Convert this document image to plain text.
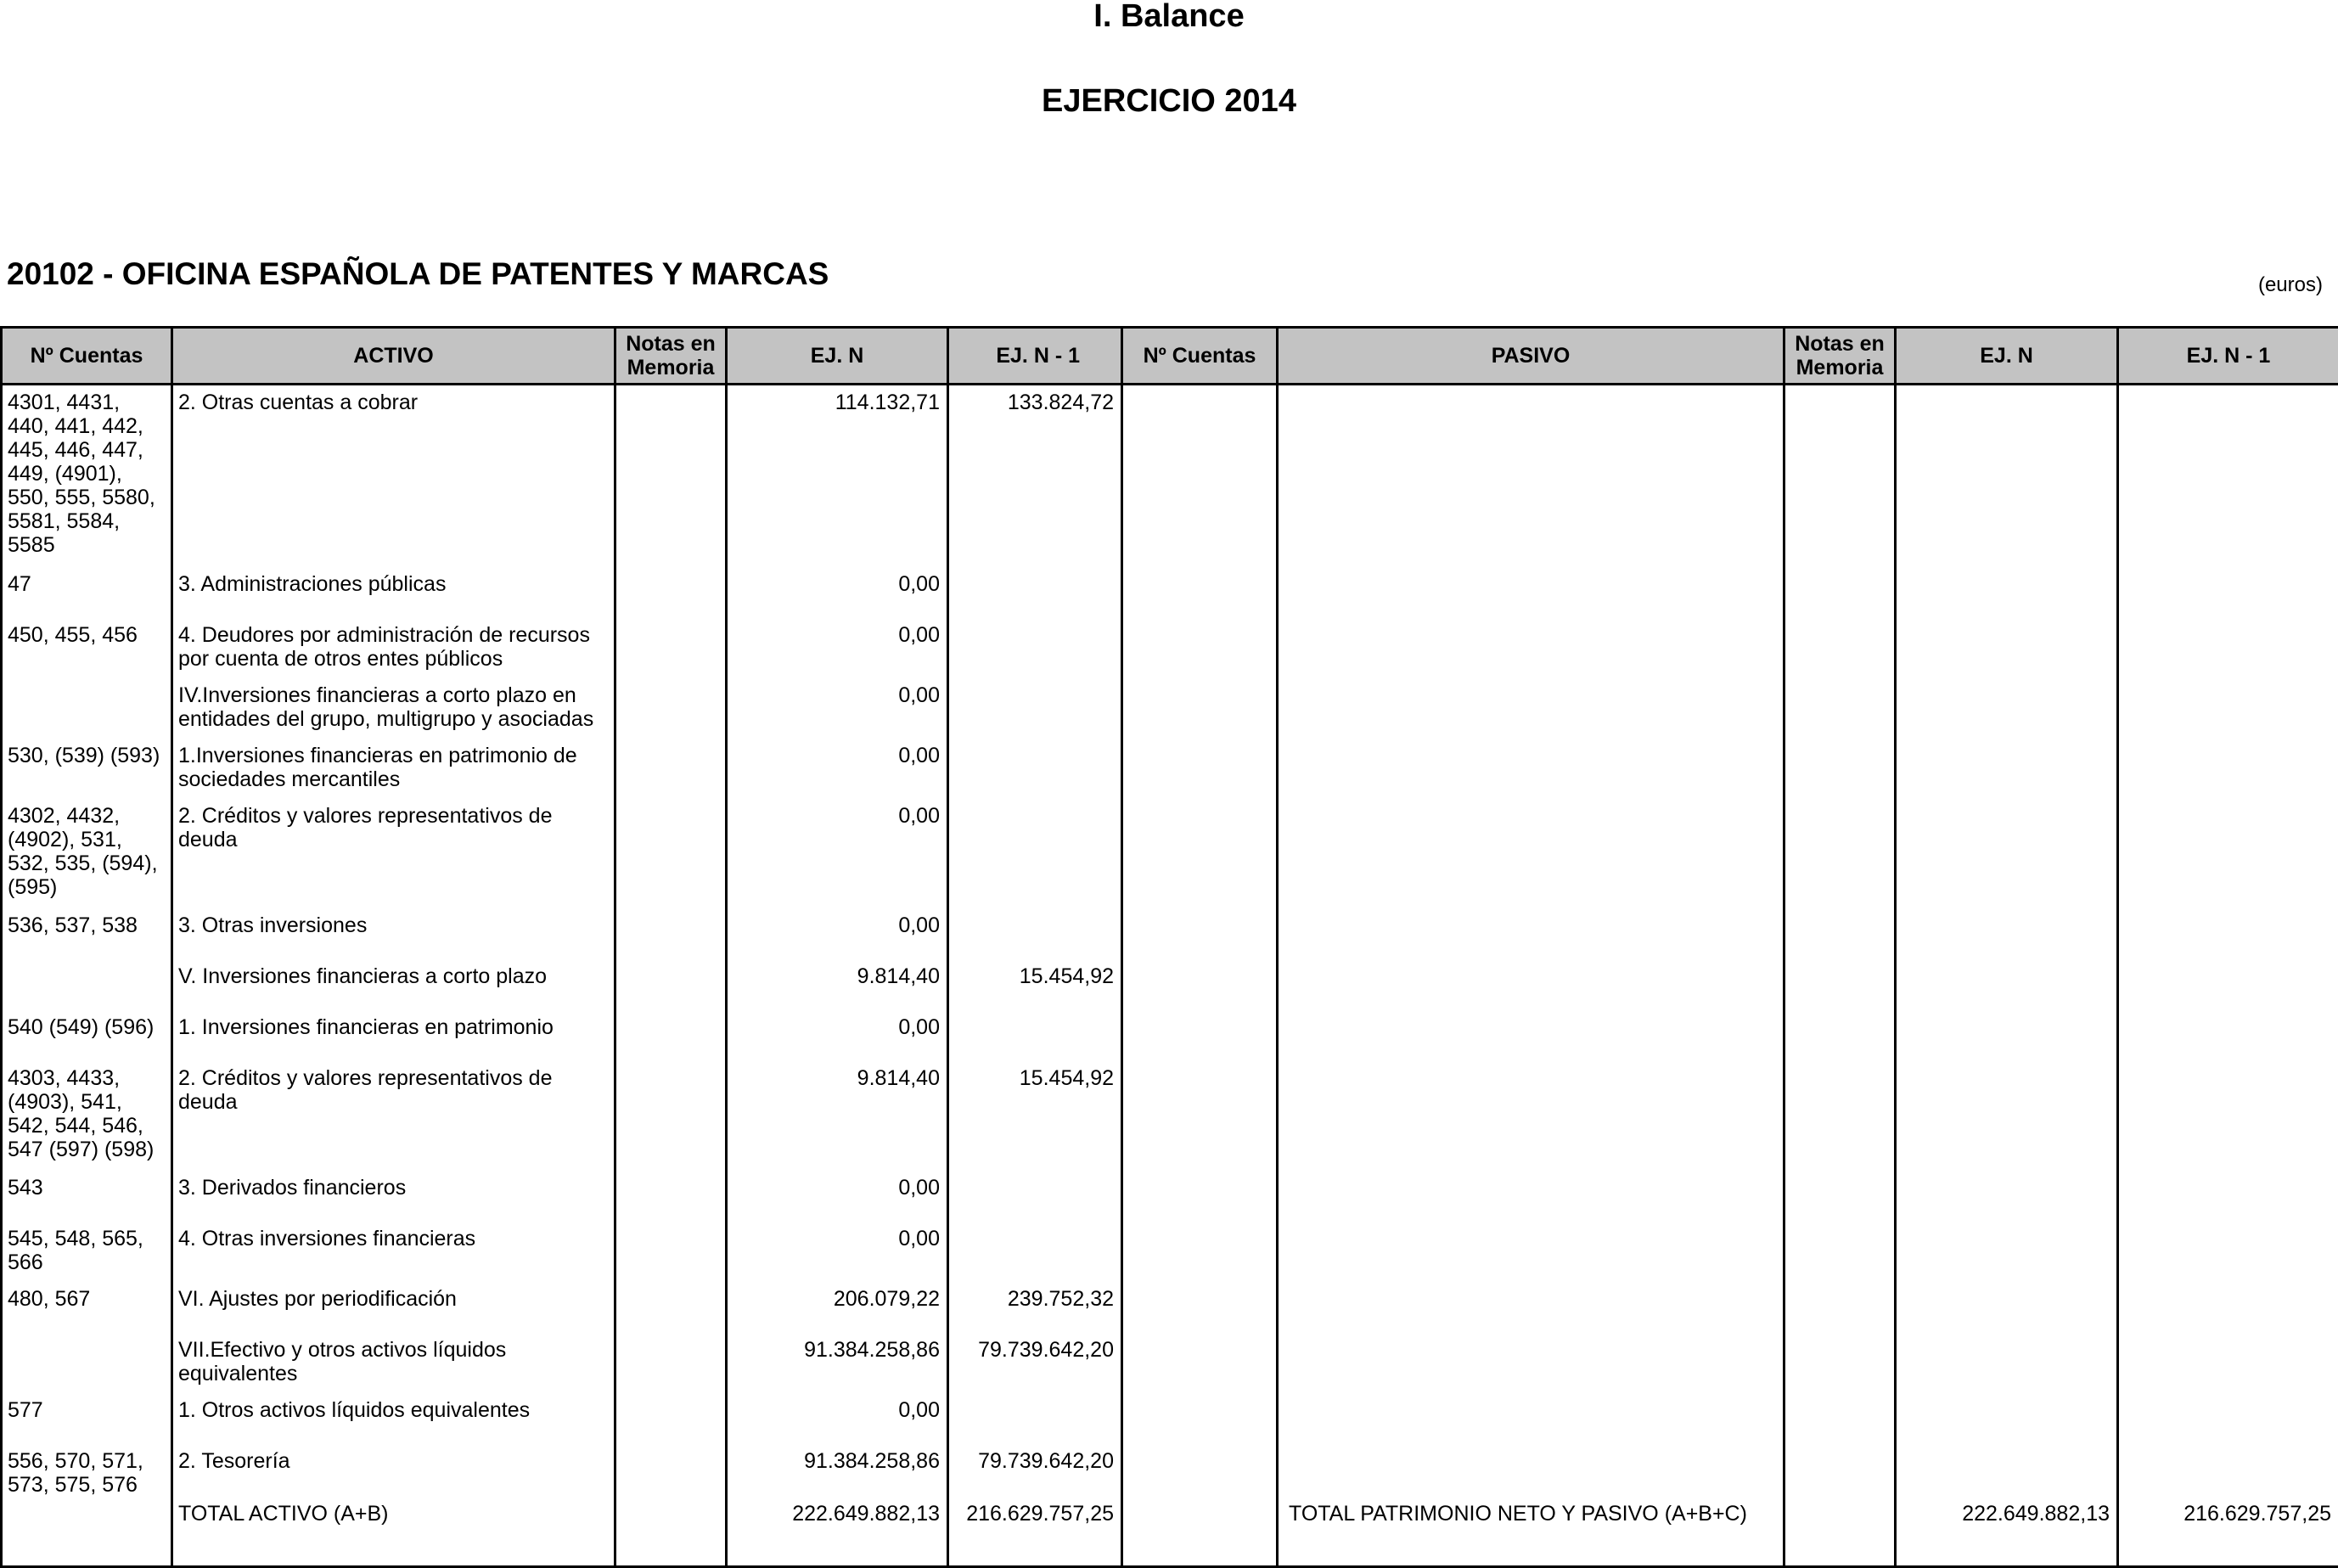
I. Balance
EJERCICIO 2014
20102 - OFICINA ESPAÑOLA DE PATENTES Y MARCAS	(euros)
Nº Cuentas	ACTIVO	Notas en Memoria	EJ. N	EJ. N - 1	Nº Cuentas	PASIVO	Notas en Memoria	EJ. N	EJ. N - 1
4301, 4431, 440, 441, 442, 445, 446, 447, 449, (4901), 550, 555, 5580, 5581, 5584, 5585	2. Otras cuentas a cobrar		114.132,71	133.824,72					
47	3. Administraciones públicas		0,00						
450, 455, 456	4. Deudores por administración de recursos por cuenta de otros entes públicos		0,00						
	IV.Inversiones financieras a corto plazo en entidades del grupo, multigrupo y asociadas		0,00						
530, (539) (593)	1.Inversiones financieras en patrimonio de sociedades mercantiles		0,00						
4302, 4432, (4902), 531, 532, 535, (594), (595)	2. Créditos y valores representativos de deuda		0,00						
536, 537, 538	3. Otras inversiones		0,00						
	V. Inversiones financieras a corto plazo		9.814,40	15.454,92					
540 (549) (596)	1. Inversiones financieras en patrimonio		0,00						
4303, 4433, (4903), 541, 542, 544, 546, 547 (597) (598)	2. Créditos y valores representativos de deuda		9.814,40	15.454,92					
543	3. Derivados financieros		0,00						
545, 548, 565, 566	4. Otras inversiones financieras		0,00						
480, 567	VI. Ajustes por periodificación		206.079,22	239.752,32					
	VII.Efectivo y otros activos líquidos equivalentes		91.384.258,86	79.739.642,20					
577	1. Otros activos líquidos equivalentes		0,00						
556, 570, 571, 573, 575, 576	2. Tesorería		91.384.258,86	79.739.642,20					
	TOTAL ACTIVO (A+B)		222.649.882,13	216.629.757,25		TOTAL PATRIMONIO NETO Y PASIVO (A+B+C)		222.649.882,13	216.629.757,25
